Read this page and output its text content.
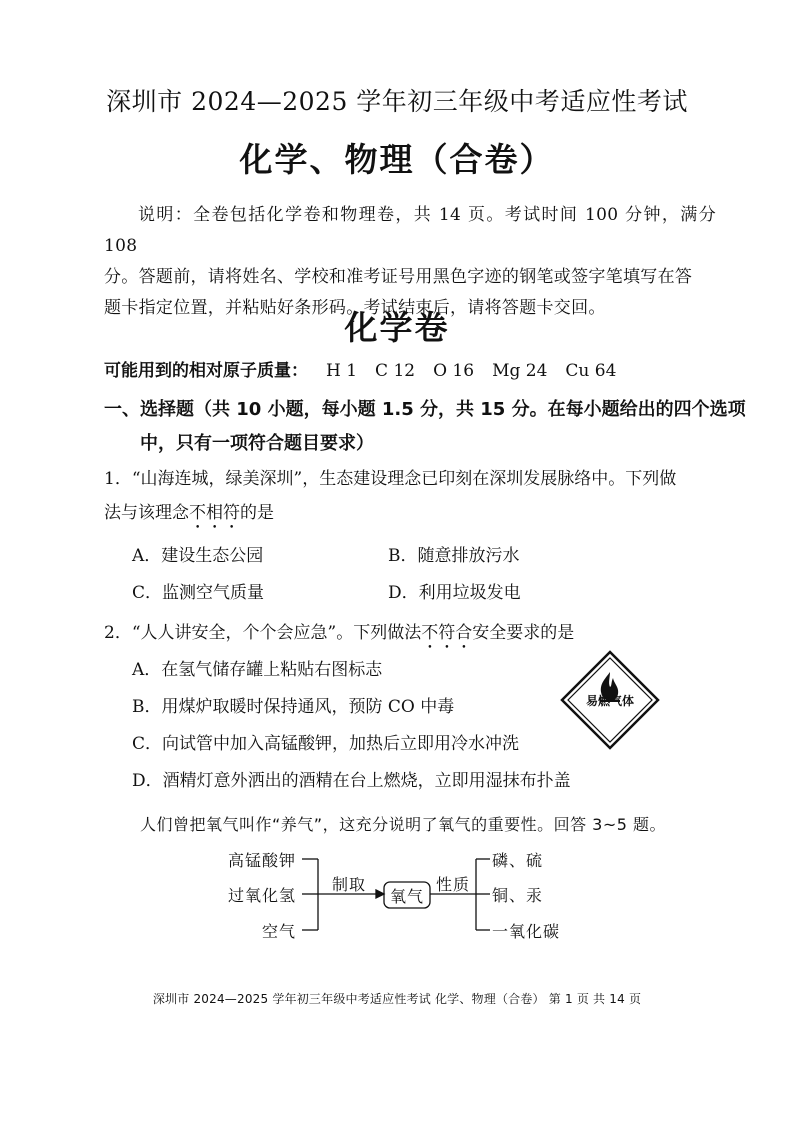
深圳市 2024—2025 学年初三年级中考适应性考试
化学、物理（合卷）
说明：全卷包括化学卷和物理卷，共 14 页。考试时间 100 分钟，满分 108
分。答题前，请将姓名、学校和准考证号用黑色字迹的钢笔或签字笔填写在答
题卡指定位置，并粘贴好条形码。考试结束后，请将答题卡交回。
化学卷
可能用到的相对原子质量： H 1 C 12 O 16 Mg 24 Cu 64
一、选择题（共 10 小题，每小题 1.5 分，共 15 分。在每小题给出的四个选项
中，只有一项符合题目要求）
1．“山海连城，绿美深圳”，生态建设理念已印刻在深圳发展脉络中。下列做
法与该理念不相符的是
A．建设生态公园	B．随意排放污水
C．监测空气质量	D．利用垃圾发电
2．“人人讲安全，个个会应急”。下列做法不符合安全要求的是
A．在氢气储存罐上粘贴右图标志
B．用煤炉取暖时保持通风，预防 CO 中毒
C．向试管中加入高锰酸钾，加热后立即用冷水冲洗
D．酒精灯意外洒出的酒精在台上燃烧，立即用湿抹布扑盖
易燃气体
人们曾把氧气叫作“养气”，这充分说明了氧气的重要性。回答 3~5 题。
高锰酸钾
过氧化氢
空气
制取
氧气
性质
磷、硫
铜、汞
一氧化碳
深圳市 2024—2025 学年初三年级中考适应性考试 化学、物理（合卷） 第 1 页 共 14 页
